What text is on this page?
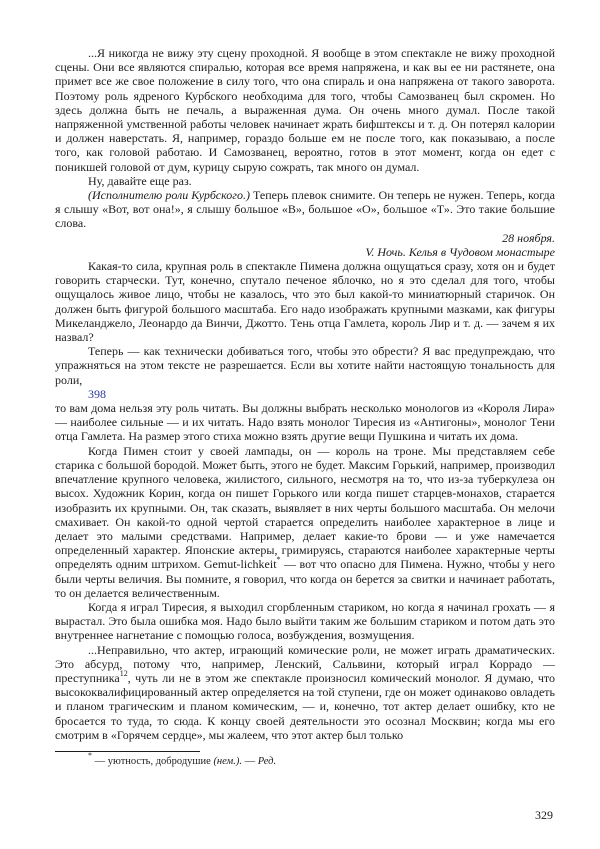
...Я никогда не вижу эту сцену проходной. Я вообще в этом спектакле не вижу проходной сцены. Они все являются спиралью, которая все время напряжена, и как вы ее ни растянете, она примет все же свое положение в силу того, что она спираль и она напряжена от такого заворота. Поэтому роль ядреного Курбского необходима для того, чтобы Самозванец был скромен. Но здесь должна быть не печаль, а выраженная дума. Он очень много думал. После такой напряженной умственной работы человек начинает жрать бифштексы и т. д. Он потерял калории и должен наверстать. Я, например, гораздо больше ем не после того, как показываю, а после того, как головой работаю. И Самозванец, вероятно, готов в этот момент, когда он едет с поникшей головой от дум, курицу сырую сожрать, так много он думал.

Ну, давайте еще раз.

(Исполнителю роли Курбского.) Теперь плевок снимите. Он теперь не нужен. Теперь, когда я слышу «Вот, вот она!», я слышу большое «В», большое «О», большое «Т». Это такие большие слова.

28 ноября.

V. Ночь. Келья в Чудовом монастыре

Какая-то сила, крупная роль в спектакле Пимена должна ощущаться сразу, хотя он и будет говорить старчески. Тут, конечно, спутало печеное яблочко, но я это сделал для того, чтобы ощущалось живое лицо, чтобы не казалось, что это был какой-то миниатюрный старичок. Он должен быть фигурой большого масштаба. Его надо изображать крупными мазками, как фигуры Микеланджело, Леонардо да Винчи, Джотто. Тень отца Гамлета, король Лир и т. д. — зачем я их назвал?

Теперь — как технически добиваться того, чтобы это обрести? Я вас предупреждаю, что упражняться на этом тексте не разрешается. Если вы хотите найти настоящую тональность для роли,

398

то вам дома нельзя эту роль читать. Вы должны выбрать несколько монологов из «Короля Лира» — наиболее сильные — и их читать. Надо взять монолог Тиресия из «Антигоны», монолог Тени отца Гамлета. На размер этого стиха можно взять другие вещи Пушкина и читать их дома.

Когда Пимен стоит у своей лампады, он — король на троне. Мы представляем себе старика с большой бородой. Может быть, этого не будет. Максим Горький, например, производил впечатление крупного человека, жилистого, сильного, несмотря на то, что из-за туберкулеза он высох. Художник Корин, когда он пишет Горького или когда пишет старцев-монахов, старается изобразить их крупными. Он, так сказать, выявляет в них черты большого масштаба. Он мелочи смахивает. Он какой-то одной чертой старается определить наиболее характерное в лице и делает это малыми средствами. Например, делает какие-то брови — и уже намечается определенный характер. Японские актеры, гримируясь, стараются наиболее характерные черты определять одним штрихом. Gemut-lichkeit* — вот что опасно для Пимена. Нужно, чтобы у него были черты величия. Вы помните, я говорил, что когда он берется за свитки и начинает работать, то он делается величественным.

Когда я играл Тиресия, я выходил сгорбленным стариком, но когда я начинал грохать — я вырастал. Это была ошибка моя. Надо было выйти таким же большим стариком и потом дать это внутреннее нагнетание с помощью голоса, возбуждения, возмущения.

...Неправильно, что актер, играющий комические роли, не может играть драматических. Это абсурд, потому что, например, Ленский, Сальвини, который играл Коррадо — преступника$^{12}$, чуть ли не в этом же спектакле произносил комический монолог. Я думаю, что высококвалифицированный актер определяется на той ступени, где он может одинаково овладеть и планом трагическим и планом комическим, — и, конечно, тот актер делает ошибку, кто не бросается то туда, то сюда. К концу своей деятельности это осознал Москвин; когда мы его смотрим в «Горячем сердце», мы жалеем, что этот актер был только

* — уютность, добродушие (нем.). — Ред.
329
